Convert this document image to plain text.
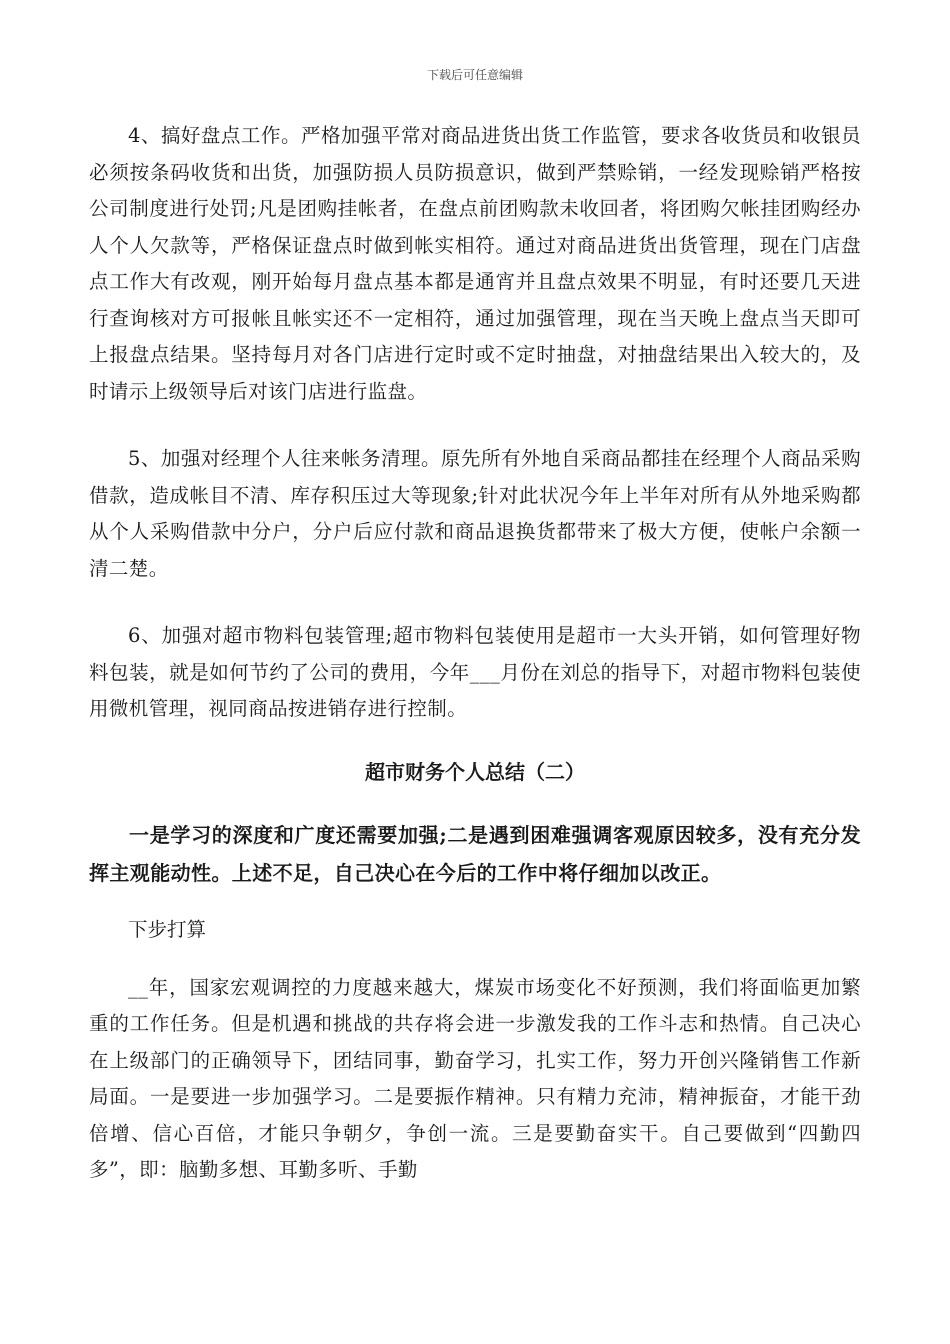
下载后可任意编辑

4、搞好盘点工作。严格加强平常对商品进货出货工作监管，要求各收货员和收银员必须按条码收货和出货，加强防损人员防损意识，做到严禁赊销，一经发现赊销严格按公司制度进行处罚;凡是团购挂帐者，在盘点前团购款未收回者，将团购欠帐挂团购经办人个人欠款等，严格保证盘点时做到帐实相符。通过对商品进货出货管理，现在门店盘点工作大有改观，刚开始每月盘点基本都是通宵并且盘点效果不明显，有时还要几天进行查询核对方可报帐且帐实还不一定相符，通过加强管理，现在当天晚上盘点当天即可上报盘点结果。坚持每月对各门店进行定时或不定时抽盘，对抽盘结果出入较大的，及时请示上级领导后对该门店进行监盘。

5、加强对经理个人往来帐务清理。原先所有外地自采商品都挂在经理个人商品采购借款，造成帐目不清、库存积压过大等现象;针对此状况今年上半年对所有从外地采购都从个人采购借款中分户，分户后应付款和商品退换货都带来了极大方便，使帐户余额一清二楚。

6、加强对超市物料包装管理;超市物料包装使用是超市一大头开销，如何管理好物料包装，就是如何节约了公司的费用，今年___月份在刘总的指导下，对超市物料包装使用微机管理，视同商品按进销存进行控制。

超市财务个人总结（二）

一是学习的深度和广度还需要加强;二是遇到困难强调客观原因较多，没有充分发挥主观能动性。上述不足，自己决心在今后的工作中将仔细加以改正。

下步打算

__年，国家宏观调控的力度越来越大，煤炭市场变化不好预测，我们将面临更加繁重的工作任务。但是机遇和挑战的共存将会进一步激发我的工作斗志和热情。自己决心在上级部门的正确领导下，团结同事，勤奋学习，扎实工作，努力开创兴隆销售工作新局面。一是要进一步加强学习。二是要振作精神。只有精力充沛，精神振奋，才能干劲倍增、信心百倍，才能只争朝夕，争创一流。三是要勤奋实干。自己要做到“四勤四多”，即：脑勤多想、耳勤多听、手勤
